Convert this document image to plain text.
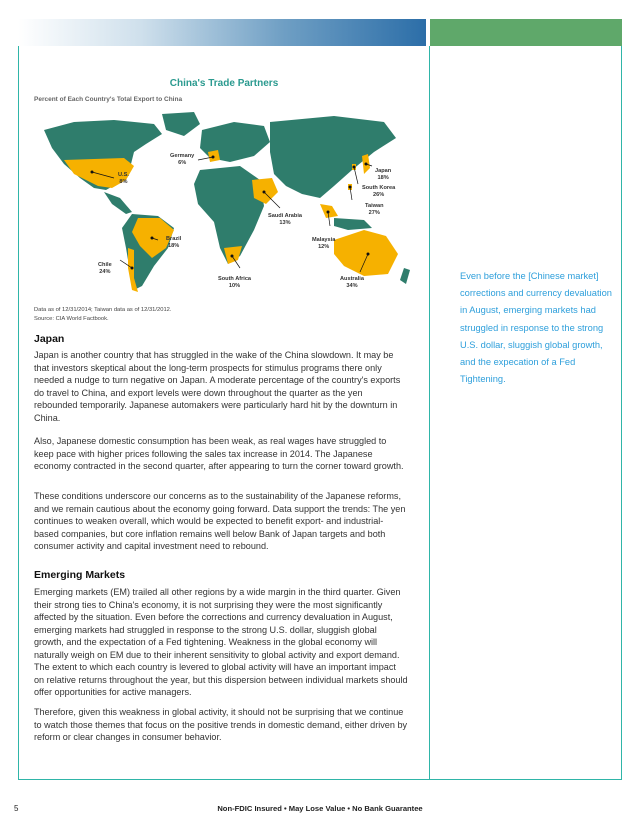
China's Trade Partners
Percent of Each Country's Total Export to China
Germany
6%
Japan
18%
U.S.
8%
South Korea
26%
Taiwan
27%
Saudi Arabia
13%
Malaysia
12%
Brazil
18%
Chile
24%
South Africa
10%
Australia
34%
Data as of 12/31/2014; Taiwan data as of 12/31/2012.
Source: CIA World Factbook.
Japan

Japan is another country that has struggled in the wake of the China slowdown. It may be that investors skeptical about the long-term prospects for stimulus programs there only needed a nudge to turn negative on Japan. A moderate percentage of the country's exports do travel to China, and export levels were down throughout the quarter as the yen rebounded temporarily. Japanese automakers were particularly hard hit by the downturn in China.

Also, Japanese domestic consumption has been weak, as real wages have struggled to keep pace with higher prices following the sales tax increase in 2014. The Japanese economy contracted in the second quarter, after appearing to turn the corner toward growth.

These conditions underscore our concerns as to the sustainability of the Japanese reforms, and we remain cautious about the economy going forward. Data support the trends: The yen continues to weaken overall, which would be expected to benefit export- and industrial-based companies, but core inflation remains well below Bank of Japan targets and both consumer activity and capital investment need to rebound.

Emerging Markets

Emerging markets (EM) trailed all other regions by a wide margin in the third quarter. Given their strong ties to China's economy, it is not surprising they were the most significantly affected by the situation. Even before the corrections and currency devaluation in August, emerging markets had struggled in response to the strong U.S. dollar, sluggish global growth, and the expectation of a Fed tightening. Weakness in the global economy will naturally weigh on EM due to their inherent sensitivity to global activity and export demand. The extent to which each country is levered to global activity will have an important impact on relative returns throughout the year, but this dispersion between individual markets should offer opportunities for active managers.

Therefore, given this weakness in global activity, it should not be surprising that we continue to watch those themes that focus on the positive trends in domestic demand, either driven by reform or clear changes in consumer behavior.

Even before the [Chinese market] corrections and currency devaluation in August, emerging markets had struggled in response to the strong U.S. dollar, sluggish global growth, and the expecation of a Fed Tightening.
Non-FDIC Insured • May Lose Value • No Bank Guarantee
5
